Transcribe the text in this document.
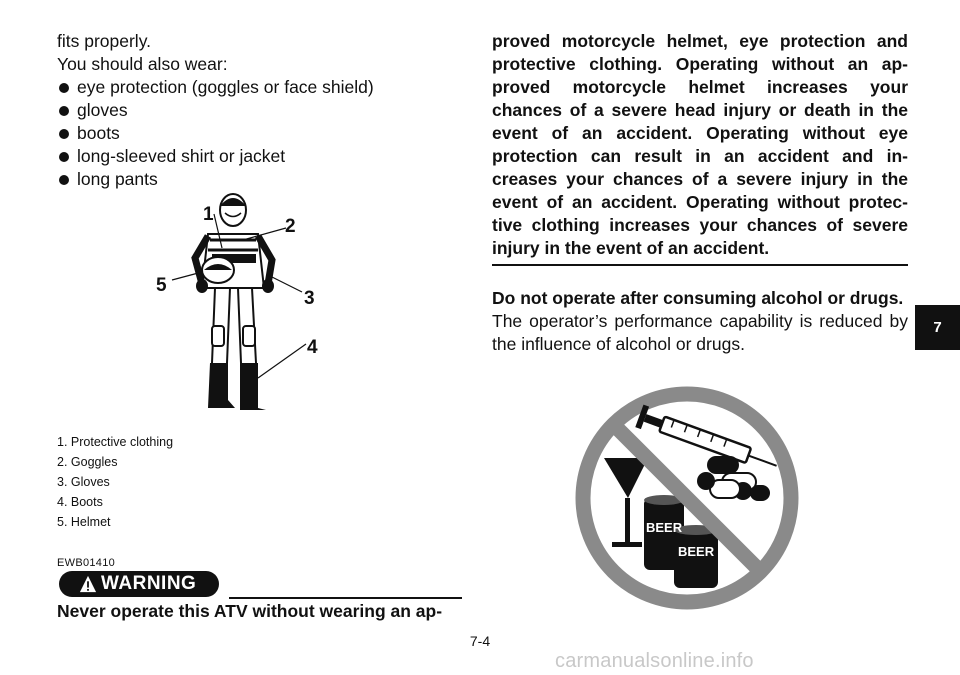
fits properly.
You should also wear:
eye protection (goggles or face shield)
gloves
boots
long-sleeved shirt or jacket
long pants
1
2
3
4
5
1. Protective clothing
2. Goggles
3. Gloves
4. Boots
5. Helmet
EWB01410
WARNING
Never operate this ATV without wearing an ap-
proved motorcycle helmet, eye protection and protective clothing. Operating without an ap-proved motorcycle helmet increases your chances of a severe head injury or death in the event of an accident. Operating without eye protection can result in an accident and in-creases your chances of a severe injury in the event of an accident. Operating without protec-tive clothing increases your chances of severe injury in the event of an accident.
Do not operate after consuming alcohol or drugs.
The operator’s performance capability is reduced by the influence of alcohol or drugs.
BEER
BEER
7
7-4
carmanualsonline.info
